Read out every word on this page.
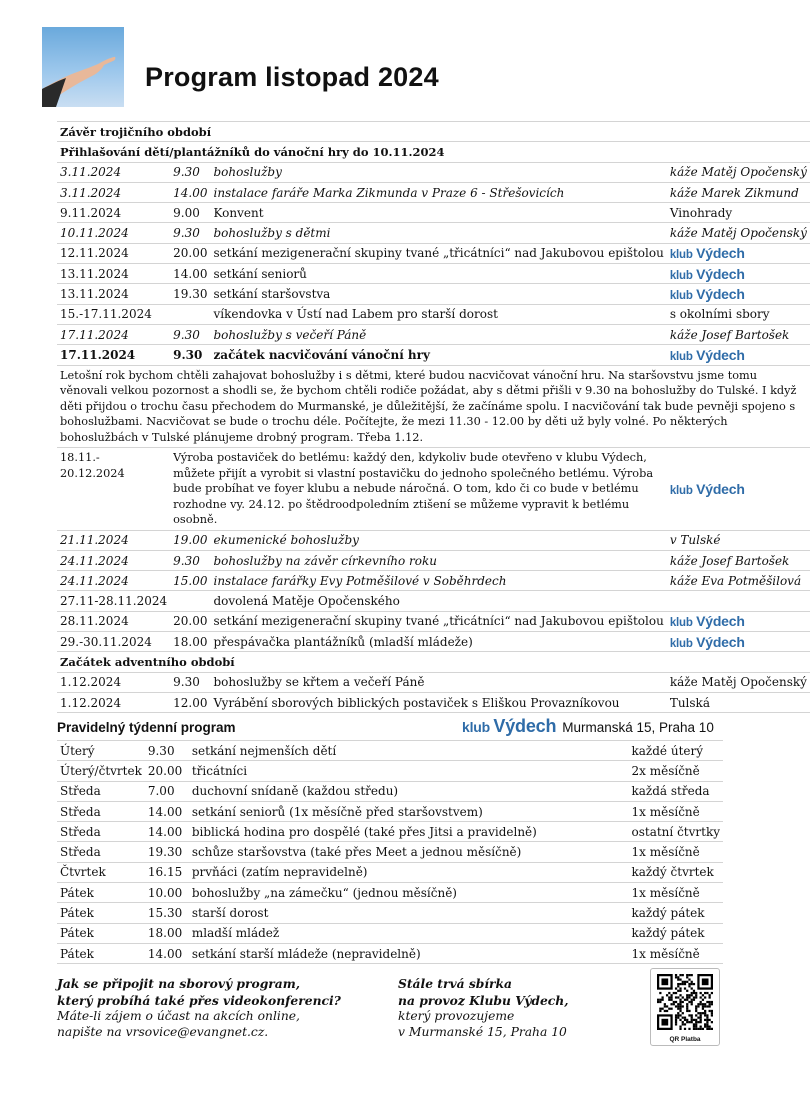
Program listopad 2024
Závěr trojičního období			
Přihlašování dětí/plantážníků do vánoční hry do 10.11.2024			
3.11.2024	9.30	bohoslužby	káže Matěj Opočenský
3.11.2024	14.00	instalace faráře Marka Zikmunda v Praze 6 - Střešovicích	káže Marek Zikmund
9.11.2024	9.00	Konvent	Vinohrady
10.11.2024	9.30	bohoslužby s dětmi	káže Matěj Opočenský
12.11.2024	20.00	setkání mezigenerační skupiny tvané „třicátníci“ nad Jakubovou epištolou	klub Výdech
13.11.2024	14.00	setkání seniorů	klub Výdech
13.11.2024	19.30	setkání staršovstva	klub Výdech
15.-17.11.2024		víkendovka v Ústí nad Labem pro starší dorost	s okolními sbory
17.11.2024	9.30	bohoslužby s večeří Páně	káže Josef Bartošek
17.11.2024	9.30	začátek nacvičování vánoční hry	klub Výdech
Letošní rok bychom chtěli zahajovat bohoslužby i s dětmi, které budou nacvičovat vánoční hru. Na staršovstvu jsme tomu věnovali velkou pozornost a shodli se, že bychom chtěli rodiče požádat, aby s dětmi přišli v 9.30 na bohoslužby do Tulské. I když děti přijdou o trochu času přechodem do Murmanské, je důležitější, že začínáme spolu. I nacvičování tak bude pevněji spojeno s bohoslužbami. Nacvičovat se bude o trochu déle. Počítejte, že mezi 11.30 - 12.00 by děti už byly volné. Po některých bohoslužbách v Tulské plánujeme drobný program. Třeba 1.12.			
18.11.- 20.12.2024	Výroba postaviček do betlému: každý den, kdykoliv bude otevřeno v klubu Výdech, můžete přijít a vyrobit si vlastní postavičku do jednoho společného betlému. Výroba bude probíhat ve foyer klubu a nebude náročná. O tom, kdo či co bude v betlému rozhodne vy. 24.12. po štědroodpoledním ztišení se můžeme vypravit k betlému osobně.		klub Výdech
21.11.2024	19.00	ekumenické bohoslužby	v Tulské
24.11.2024	9.30	bohoslužby na závěr církevního roku	káže Josef Bartošek
24.11.2024	15.00	instalace farářky Evy Potměšilové v Soběhrdech	káže Eva Potměšilová
27.11-28.11.2024		dovolená Matěje Opočenského	
28.11.2024	20.00	setkání mezigenerační skupiny tvané „třicátníci“ nad Jakubovou epištolou	klub Výdech
29.-30.11.2024	18.00	přespávačka plantážníků (mladší mládeže)	klub Výdech
Začátek adventního období			
1.12.2024	9.30	bohoslužby se křtem a večeří Páně	káže Matěj Opočenský
1.12.2024	12.00	Vyrábění sborových biblických postaviček s Eliškou Provazníkovou	Tulská
Pravidelný týdenní program	klub Výdech Murmanská 15, Praha 10
Úterý	9.30	setkání nejmenších dětí	každé úterý
Úterý/čtvrtek	20.00	třicátníci	2x měsíčně
Středa	7.00	duchovní snídaně (každou středu)	každá středa
Středa	14.00	setkání seniorů (1x měsíčně před staršovstvem)	1x měsíčně
Středa	14.00	biblická hodina pro dospělé (také přes Jitsi a pravidelně)	ostatní čtvrtky
Středa	19.30	schůze staršovstva (také přes Meet a jednou měsíčně)	1x měsíčně
Čtvrtek	16.15	prvňáci (zatím nepravidelně)	každý čtvrtek
Pátek	10.00	bohoslužby „na zámečku“ (jednou měsíčně)	1x měsíčně
Pátek	15.30	starší dorost	každý pátek
Pátek	18.00	mladší mládež	každý pátek
Pátek	14.00	setkání starší mládeže (nepravidelně)	1x měsíčně
Jak se připojit na sborový program,
který probíhá také přes videokonferenci?
Máte-li zájem o účast na akcích online,
napište na vrsovice@evangnet.cz.
Stále trvá sbírka
na provoz Klubu Výdech,
který provozujeme
v Murmanské 15, Praha 10
QR Platba
